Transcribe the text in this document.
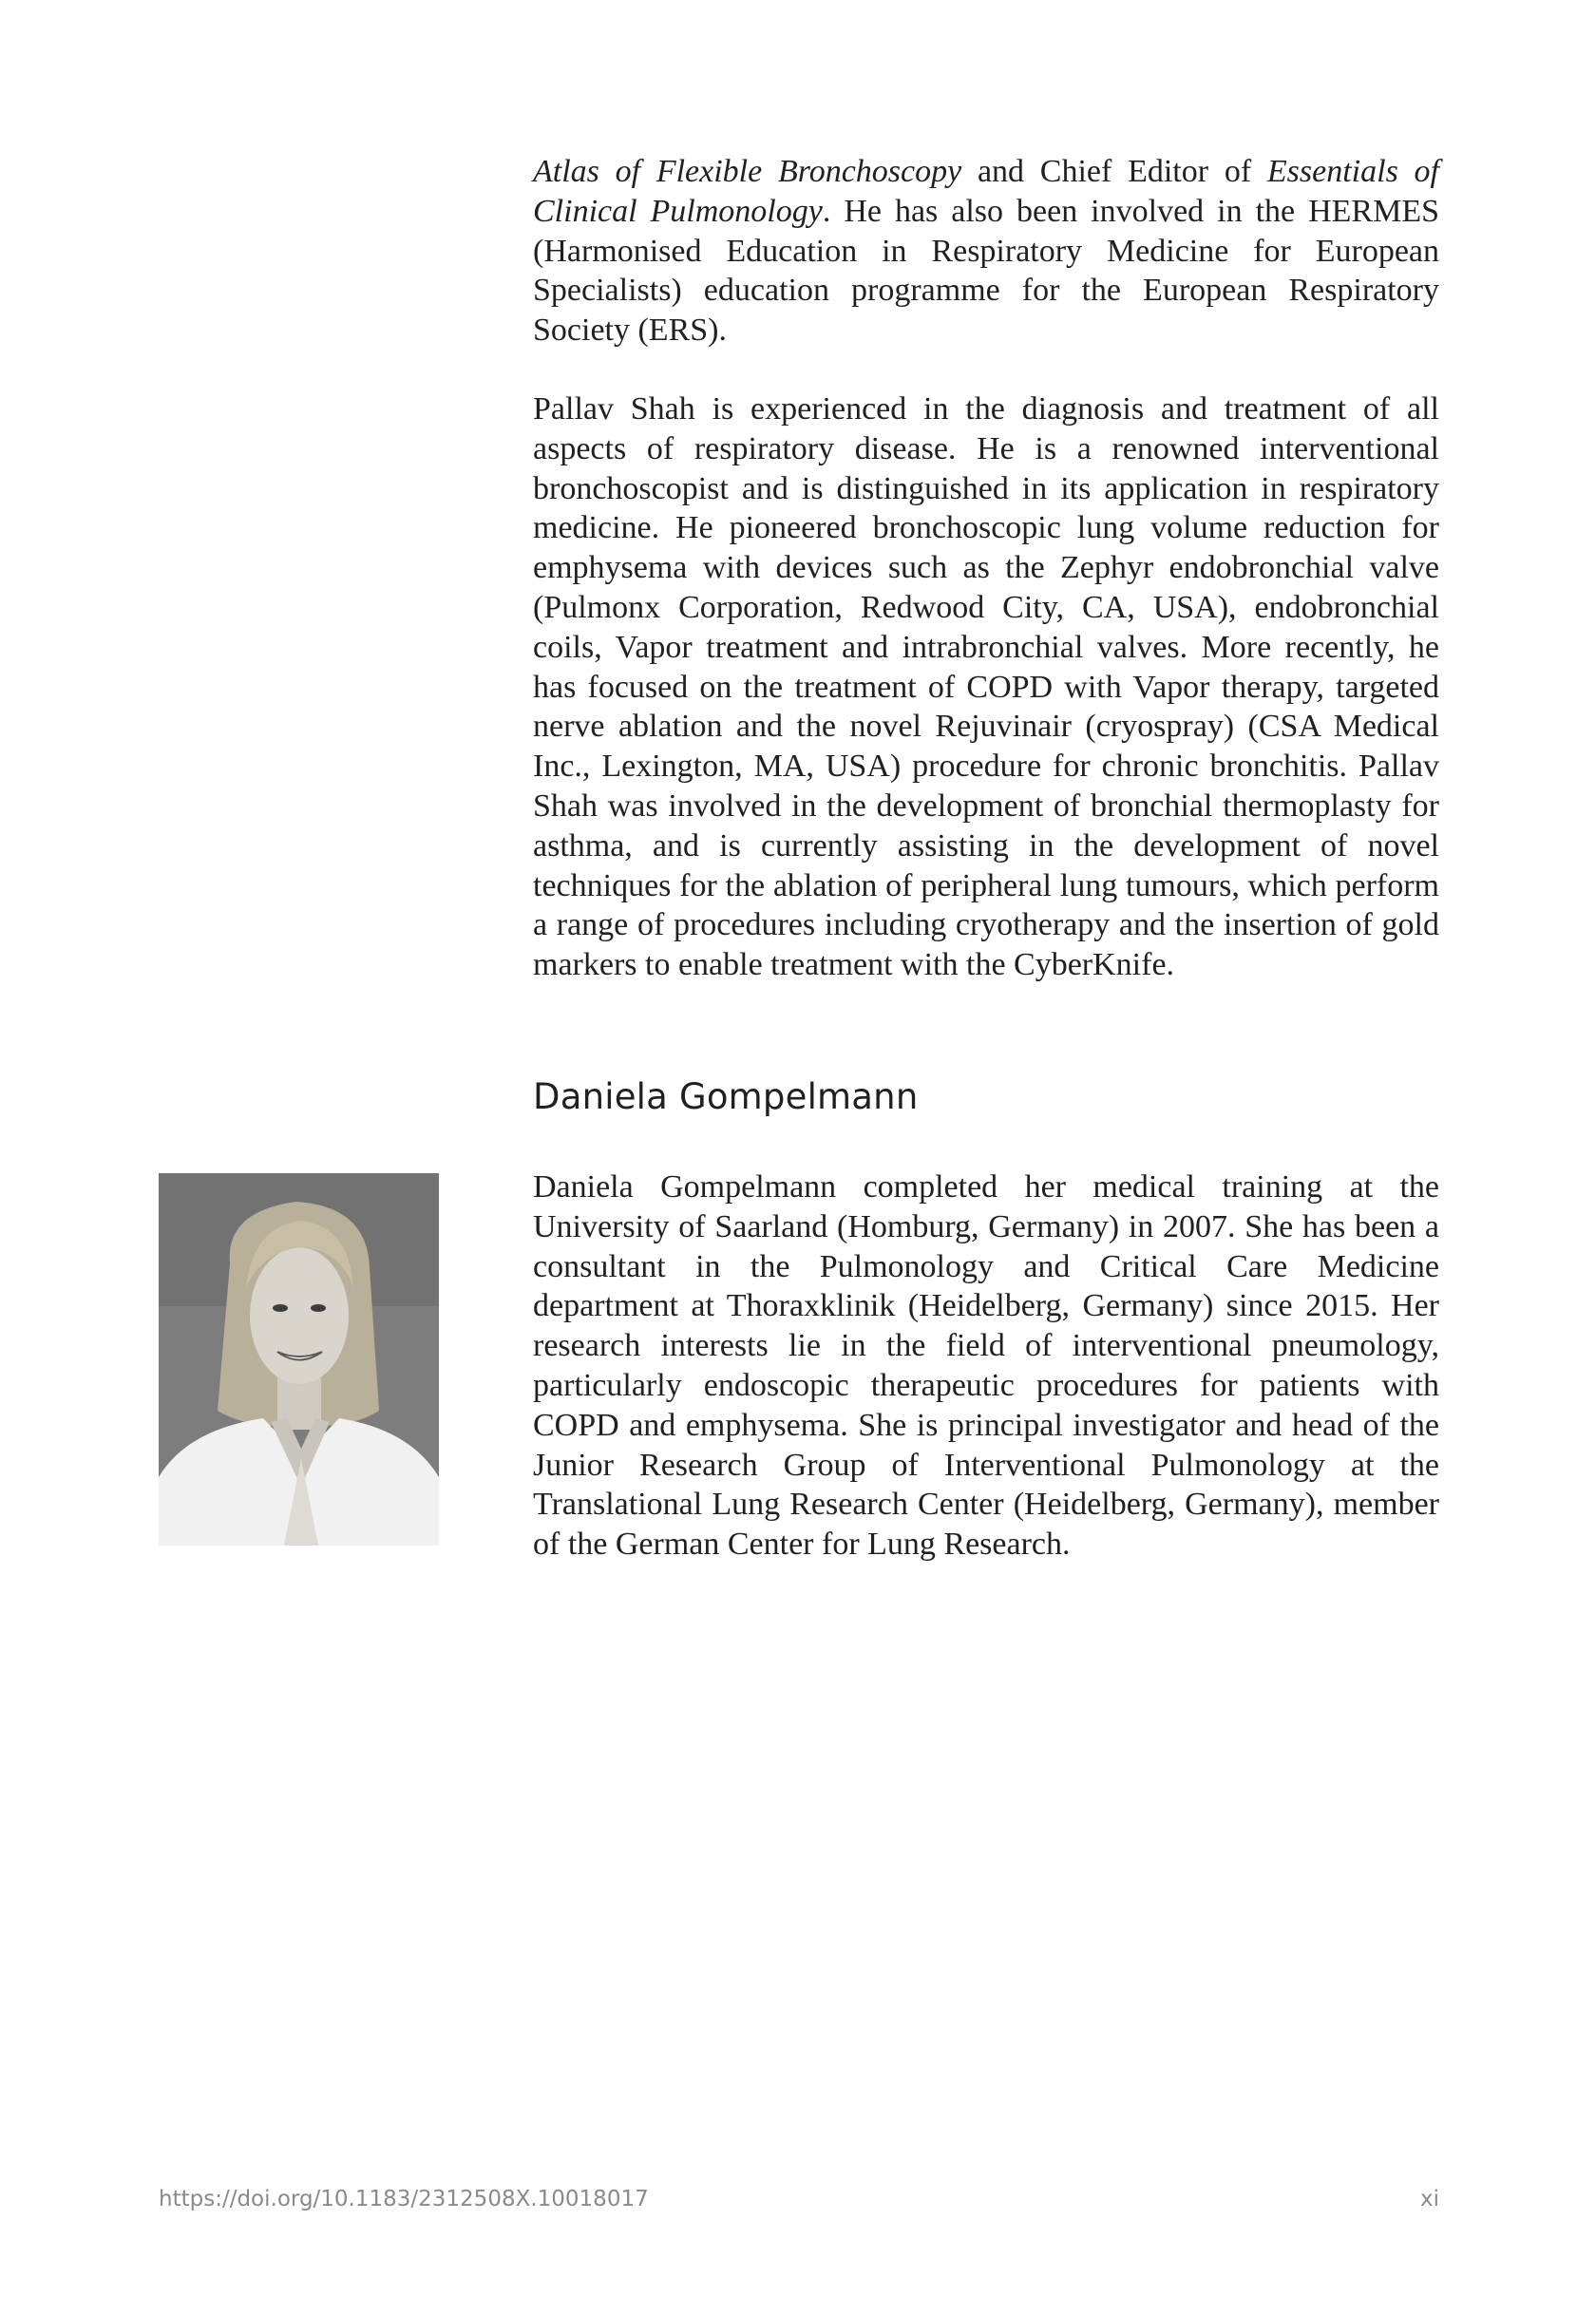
Atlas of Flexible Bronchoscopy and Chief Editor of Essentials of Clinical Pulmonology. He has also been involved in the HERMES (Harmonised Education in Respiratory Medicine for European Specialists) education programme for the European Respiratory Society (ERS).

Pallav Shah is experienced in the diagnosis and treatment of all aspects of respiratory disease. He is a renowned interventional bronchoscopist and is distinguished in its application in respiratory medicine. He pioneered bronchoscopic lung volume reduction for emphysema with devices such as the Zephyr endobronchial valve (Pulmonx Corporation, Redwood City, CA, USA), endobronchial coils, Vapor treatment and intrabronchial valves. More recently, he has focused on the treatment of COPD with Vapor therapy, targeted nerve ablation and the novel Rejuvinair (cryospray) (CSA Medical Inc., Lexington, MA, USA) procedure for chronic bronchitis. Pallav Shah was involved in the development of bronchial thermoplasty for asthma, and is currently assisting in the development of novel techniques for the ablation of peripheral lung tumours, which perform a range of procedures including cryotherapy and the insertion of gold markers to enable treatment with the CyberKnife.

Daniela Gompelmann

Daniela Gompelmann completed her medical training at the University of Saarland (Homburg, Germany) in 2007. She has been a consultant in the Pulmonology and Critical Care Medicine department at Thoraxklinik (Heidelberg, Germany) since 2015. Her research interests lie in the field of interventional pneumology, particularly endoscopic therapeutic procedures for patients with COPD and emphysema. She is principal investigator and head of the Junior Research Group of Interventional Pulmonology at the Translational Lung Research Center (Heidelberg, Germany), member of the German Center for Lung Research.

https://doi.org/10.1183/2312508X.10018017	xi
